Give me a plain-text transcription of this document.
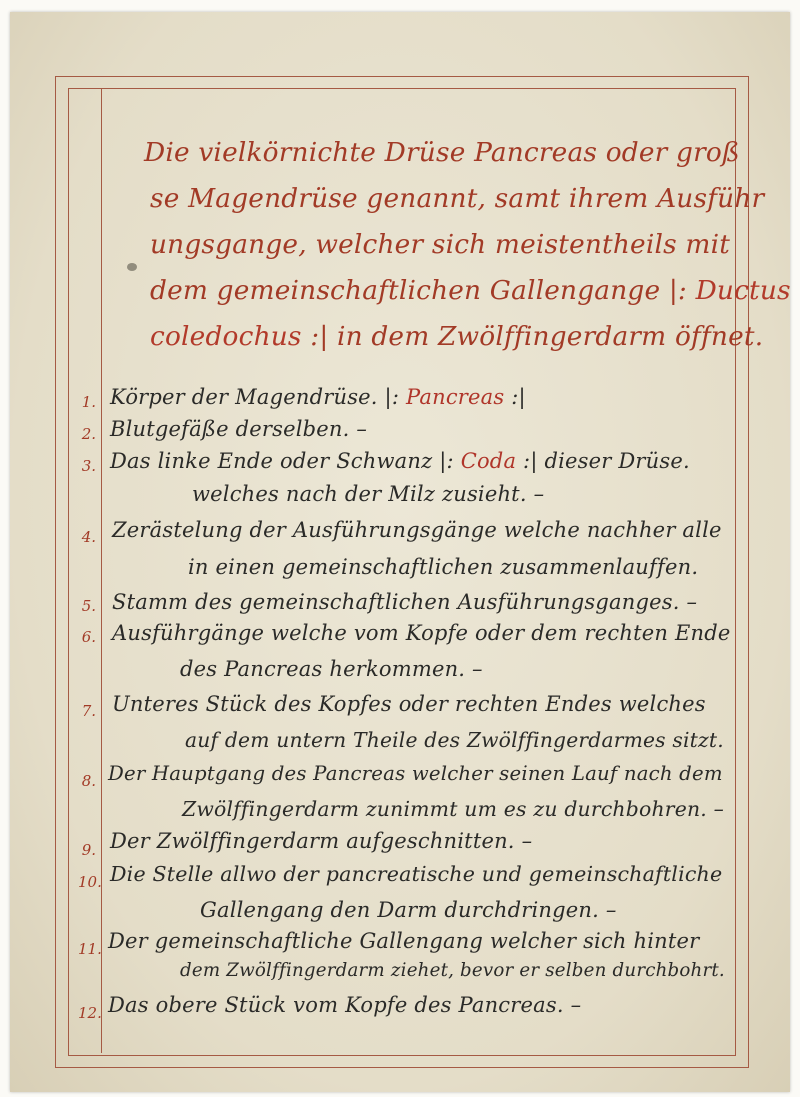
Die vielkörnichte Drüse Pancreas oder groß
se Magendrüse genannt, samt ihrem Ausführ
ungsgange, welcher sich meistentheils mit
dem gemeinschaftlichen Gallengange |: Ductus
coledochus :| in dem Zwölffingerdarm öffnet.
1. Körper der Magendrüse. |: Pancreas :|
2. Blutgefäße derselben. –
3. Das linke Ende oder Schwanz |: Coda :| dieser Drüse.
welches nach der Milz zusieht. –
4. Zerästelung der Ausführungsgänge welche nachher alle
in einen gemeinschaftlichen zusammenlauffen.
5. Stamm des gemeinschaftlichen Ausführungsganges. –
6. Ausführgänge welche vom Kopfe oder dem rechten Ende
des Pancreas herkommen. –
7. Unteres Stück des Kopfes oder rechten Endes welches
auf dem untern Theile des Zwölffingerdarmes sitzt.
8. Der Hauptgang des Pancreas welcher seinen Lauf nach dem
Zwölffingerdarm zunimmt um es zu durchbohren. –
9. Der Zwölffingerdarm aufgeschnitten. –
10. Die Stelle allwo der pancreatische und gemeinschaftliche
Gallengang den Darm durchdringen. –
11. Der gemeinschaftliche Gallengang welcher sich hinter
dem Zwölffingerdarm ziehet, bevor er selben durchbohrt.
12. Das obere Stück vom Kopfe des Pancreas. –
